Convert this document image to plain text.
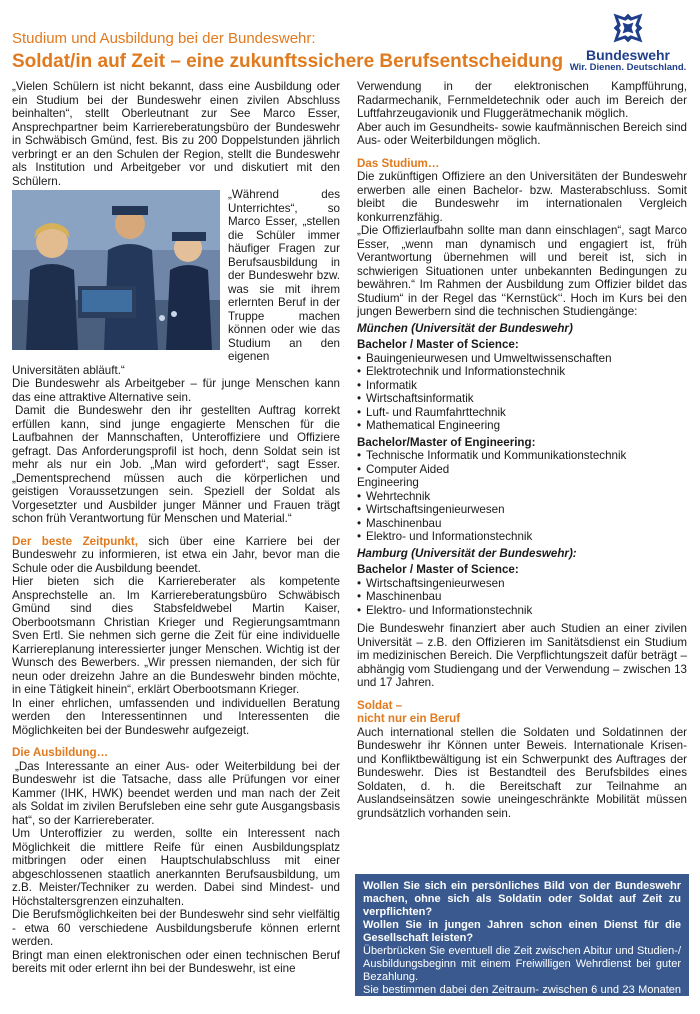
Studium und Ausbildung bei der Bundeswehr:
Soldat/in auf Zeit – eine zukunftssichere Berufsentscheidung	Bundeswehr
Wir. Dienen. Deutschland.

„Vielen Schülern ist nicht bekannt, dass eine Ausbildung oder ein Studium bei der Bundeswehr einen zivilen Abschluss beinhalten“, stellt Oberleutnant zur See Marco Esser, Ansprechpartner beim Karriereberatungsbüro der Bundeswehr in Schwäbisch Gmünd, fest. Bis zu 200 Doppelstunden jährlich verbringt er an den Schulen der Region, stellt die Bundeswehr als Institution und Arbeitgeber vor und diskutiert mit den Schülern.

„Während des Unterrichtes“, so Marco Esser, „stellen die Schüler immer häufiger Fragen zur Berufsausbildung in der Bundeswehr bzw. was sie mit ihrem erlernten Beruf in der Truppe machen können oder wie das Studium an den eigenen Universitäten abläuft.“

Die Bundeswehr als Arbeitgeber – für junge Menschen kann das eine attraktive Alternative sein.

Damit die Bundeswehr den ihr gestellten Auftrag korrekt erfüllen kann, sind junge engagierte Menschen für die Laufbahnen der Mannschaften, Unteroffiziere und Offiziere gefragt. Das Anforderungsprofil ist hoch, denn Soldat sein ist mehr als nur ein Job. „Man wird gefordert“, sagt Esser. „Dementsprechend müssen auch die körperlichen und geistigen Voraussetzungen sein. Speziell der Soldat als Vorgesetzter und Ausbilder junger Männer und Frauen trägt schon früh Verantwortung für Menschen und Material.“

Der beste Zeitpunkt, sich über eine Karriere bei der Bundeswehr zu informieren, ist etwa ein Jahr, bevor man die Schule oder die Ausbildung beendet.

Hier bieten sich die Karriereberater als kompetente Ansprechstelle an. Im Karriereberatungsbüro Schwäbisch Gmünd sind dies Stabsfeldwebel Martin Kaiser, Oberbootsmann Christian Krieger und Regierungsamtmann Sven Ertl. Sie nehmen sich gerne die Zeit für eine individuelle Karriereplanung interessierter junger Menschen. Wichtig ist der Wunsch des Bewerbers. „Wir pressen niemanden, der sich für neun oder dreizehn Jahre an die Bundeswehr binden möchte, in eine Tätigkeit hinein“, erklärt Oberbootsmann Krieger.

In einer ehrlichen, umfassenden und individuellen Beratung werden den Interessentinnen und Interessenten die Möglichkeiten bei der Bundeswehr aufgezeigt.

Die Ausbildung…

„Das Interessante an einer Aus- oder Weiterbildung bei der Bundeswehr ist die Tatsache, dass alle Prüfungen vor einer Kammer (IHK, HWK) beendet werden und man nach der Zeit als Soldat im zivilen Berufsleben eine sehr gute Ausgangsbasis hat“, so der Karriereberater.

Um Unteroffizier zu werden, sollte ein Interessent nach Möglichkeit die mittlere Reife für einen Ausbildungsplatz mitbringen oder einen Hauptschulabschluss mit einer abgeschlossenen staatlich anerkannten Berufsausbildung, um z.B. Meister/Techniker zu werden. Dabei sind Mindest- und Höchstaltersgrenzen einzuhalten.

Die Berufsmöglichkeiten bei der Bundeswehr sind sehr vielfältig - etwa 60 verschiedene Ausbildungsberufe können erlernt werden.

Bringt man einen elektronischen oder einen technischen Beruf bereits mit oder erlernt ihn bei der Bundeswehr, ist eine

Verwendung in der elektronischen Kampfführung, Radarmechanik, Fernmeldetechnik oder auch im Bereich der Luftfahrzeugavionik und Fluggerätmechanik möglich.

Aber auch im Gesundheits- sowie kaufmännischen Bereich sind Aus- oder Weiterbildungen möglich.

Das Studium…

Die zukünftigen Offiziere an den Universitäten der Bundeswehr erwerben alle einen Bachelor- bzw. Masterabschluss. Somit bleibt die Bundeswehr im internationalen Vergleich konkurrenzfähig.

„Die Offizierlaufbahn sollte man dann einschlagen“, sagt Marco Esser, „wenn man dynamisch und engagiert ist, früh Verantwortung übernehmen will und bereit ist, sich in schwierigen Situationen unter unbekannten Bedingungen zu bewähren.“ Im Rahmen der Ausbildung zum Offizier bildet das Studium“ in der Regel das ‘‘Kernstück‘‘. Hoch im Kurs bei den jungen Bewerbern sind die technischen Studiengänge:

München (Universität der Bundeswehr)
Bachelor / Master of Science:
• Bauingenieurwesen und Umweltwissenschaften
• Elektrotechnik und Informationstechnik
• Informatik
• Wirtschaftsinformatik
• Luft- und Raumfahrttechnik
• Mathematical Engineering
Bachelor/Master of Engineering:
• Technische Informatik und Kommunikationstechnik
• Computer Aided
Engineering
• Wehrtechnik
• Wirtschaftsingenieurwesen
• Maschinenbau
• Elektro- und Informationstechnik
Hamburg (Universität der Bundeswehr):
Bachelor / Master of Science:
• Wirtschaftsingenieurwesen
• Maschinenbau
• Elektro- und Informationstechnik

Die Bundeswehr finanziert aber auch Studien an einer zivilen Universität – z.B. den Offizieren im Sanitätsdienst ein Studium im medizinischen Bereich. Die Verpflichtungszeit dafür beträgt – abhängig vom Studiengang und der Verwendung – zwischen 13 und 17 Jahren.

Soldat –

nicht nur ein Beruf

Auch international stellen die Soldaten und Soldatinnen der Bundeswehr ihr Können unter Beweis. Internationale Krisen- und Konfliktbewältigung ist ein Schwerpunkt des Auftrages der Bundeswehr. Dies ist Bestandteil des Berufsbildes eines Soldaten, d. h. die Bereitschaft zur Teilnahme an Auslandseinsätzen sowie uneingeschränkte Mobilität müssen grundsätzlich vorhanden sein.

Wollen Sie sich ein persönliches Bild von der Bundeswehr machen, ohne sich als Soldatin oder Soldat auf Zeit zu verpflichten?

Wollen Sie in jungen Jahren schon einen Dienst für die Gesellschaft leisten?

Überbrücken Sie eventuell die Zeit zwischen Abitur und Studien-/ Ausbildungsbeginn mit einem Freiwilligen Wehrdienst bei guter Bezahlung.

Sie bestimmen dabei den Zeitraum- zwischen 6 und 23 Monaten ist alles möglich.
